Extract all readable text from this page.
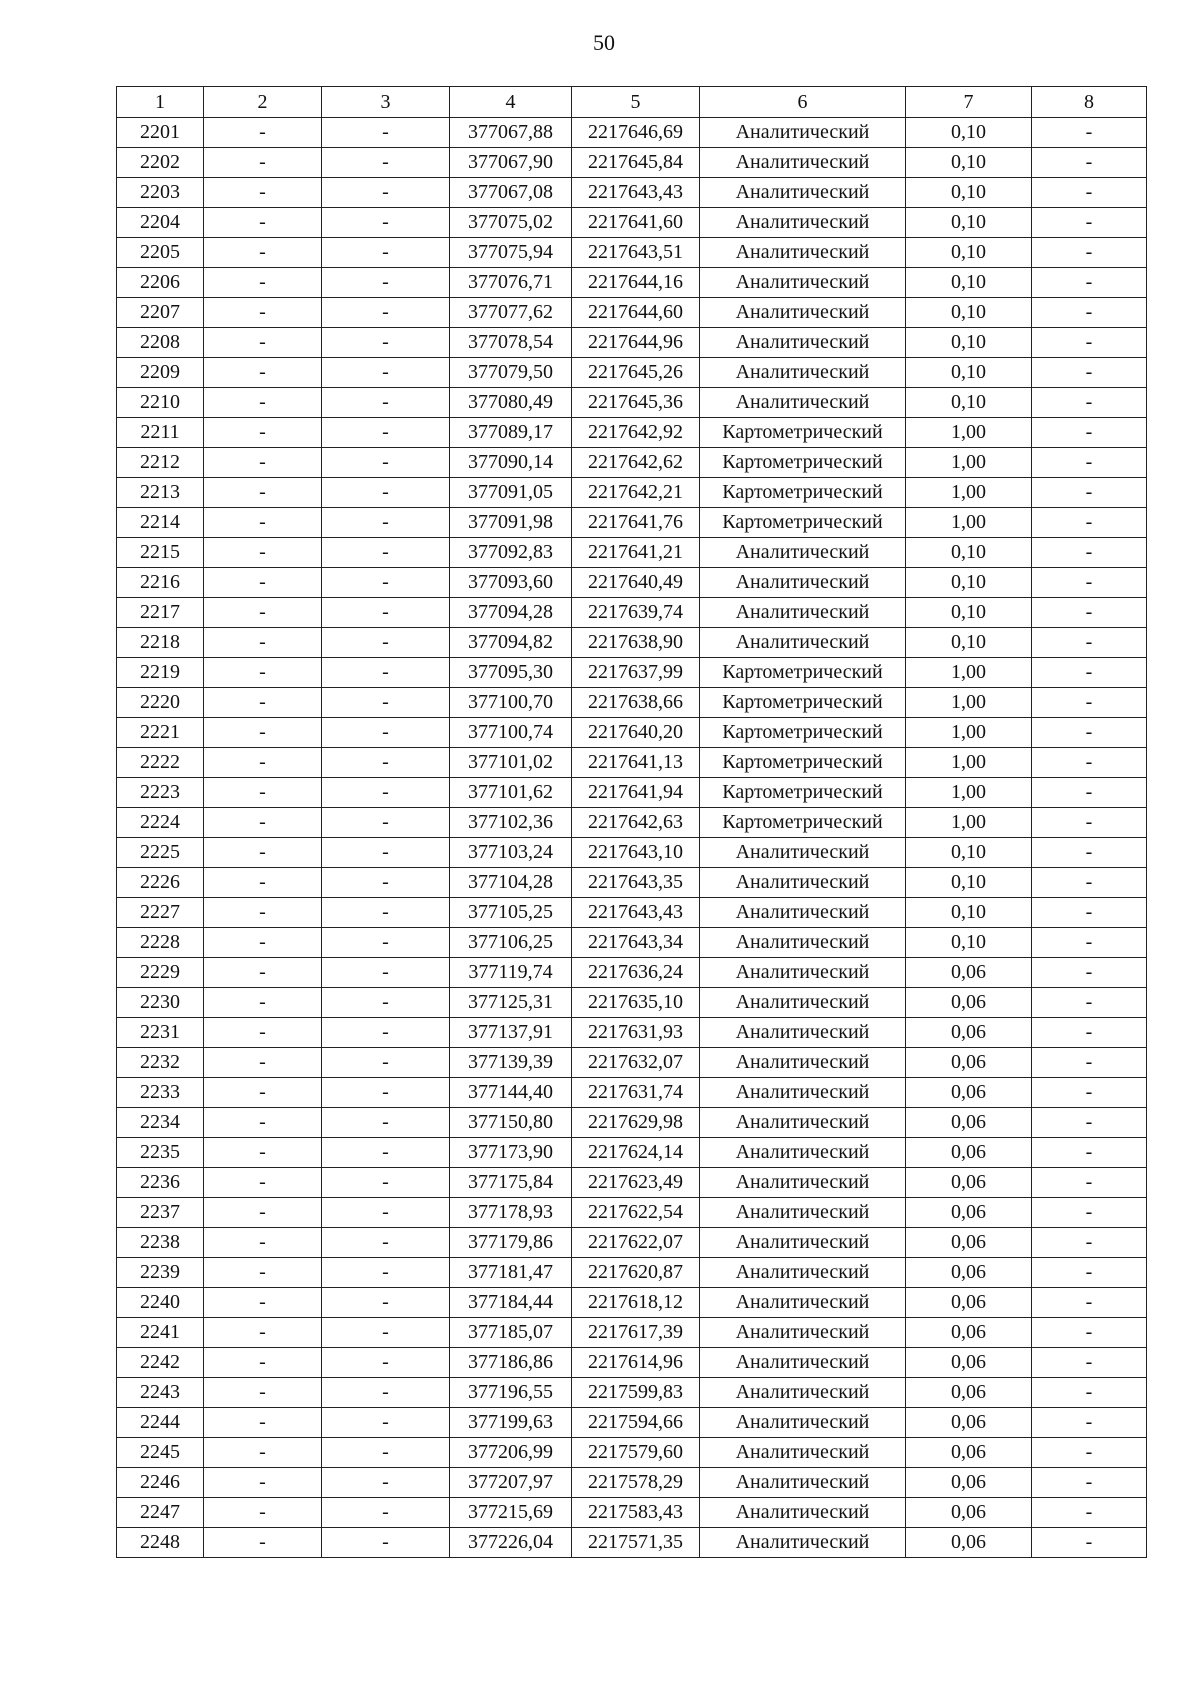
50
1	2	3	4	5	6	7	8
2201	-	-	377067,88	2217646,69	Аналитический	0,10	-
2202	-	-	377067,90	2217645,84	Аналитический	0,10	-
2203	-	-	377067,08	2217643,43	Аналитический	0,10	-
2204	-	-	377075,02	2217641,60	Аналитический	0,10	-
2205	-	-	377075,94	2217643,51	Аналитический	0,10	-
2206	-	-	377076,71	2217644,16	Аналитический	0,10	-
2207	-	-	377077,62	2217644,60	Аналитический	0,10	-
2208	-	-	377078,54	2217644,96	Аналитический	0,10	-
2209	-	-	377079,50	2217645,26	Аналитический	0,10	-
2210	-	-	377080,49	2217645,36	Аналитический	0,10	-
2211	-	-	377089,17	2217642,92	Картометрический	1,00	-
2212	-	-	377090,14	2217642,62	Картометрический	1,00	-
2213	-	-	377091,05	2217642,21	Картометрический	1,00	-
2214	-	-	377091,98	2217641,76	Картометрический	1,00	-
2215	-	-	377092,83	2217641,21	Аналитический	0,10	-
2216	-	-	377093,60	2217640,49	Аналитический	0,10	-
2217	-	-	377094,28	2217639,74	Аналитический	0,10	-
2218	-	-	377094,82	2217638,90	Аналитический	0,10	-
2219	-	-	377095,30	2217637,99	Картометрический	1,00	-
2220	-	-	377100,70	2217638,66	Картометрический	1,00	-
2221	-	-	377100,74	2217640,20	Картометрический	1,00	-
2222	-	-	377101,02	2217641,13	Картометрический	1,00	-
2223	-	-	377101,62	2217641,94	Картометрический	1,00	-
2224	-	-	377102,36	2217642,63	Картометрический	1,00	-
2225	-	-	377103,24	2217643,10	Аналитический	0,10	-
2226	-	-	377104,28	2217643,35	Аналитический	0,10	-
2227	-	-	377105,25	2217643,43	Аналитический	0,10	-
2228	-	-	377106,25	2217643,34	Аналитический	0,10	-
2229	-	-	377119,74	2217636,24	Аналитический	0,06	-
2230	-	-	377125,31	2217635,10	Аналитический	0,06	-
2231	-	-	377137,91	2217631,93	Аналитический	0,06	-
2232	-	-	377139,39	2217632,07	Аналитический	0,06	-
2233	-	-	377144,40	2217631,74	Аналитический	0,06	-
2234	-	-	377150,80	2217629,98	Аналитический	0,06	-
2235	-	-	377173,90	2217624,14	Аналитический	0,06	-
2236	-	-	377175,84	2217623,49	Аналитический	0,06	-
2237	-	-	377178,93	2217622,54	Аналитический	0,06	-
2238	-	-	377179,86	2217622,07	Аналитический	0,06	-
2239	-	-	377181,47	2217620,87	Аналитический	0,06	-
2240	-	-	377184,44	2217618,12	Аналитический	0,06	-
2241	-	-	377185,07	2217617,39	Аналитический	0,06	-
2242	-	-	377186,86	2217614,96	Аналитический	0,06	-
2243	-	-	377196,55	2217599,83	Аналитический	0,06	-
2244	-	-	377199,63	2217594,66	Аналитический	0,06	-
2245	-	-	377206,99	2217579,60	Аналитический	0,06	-
2246	-	-	377207,97	2217578,29	Аналитический	0,06	-
2247	-	-	377215,69	2217583,43	Аналитический	0,06	-
2248	-	-	377226,04	2217571,35	Аналитический	0,06	-
